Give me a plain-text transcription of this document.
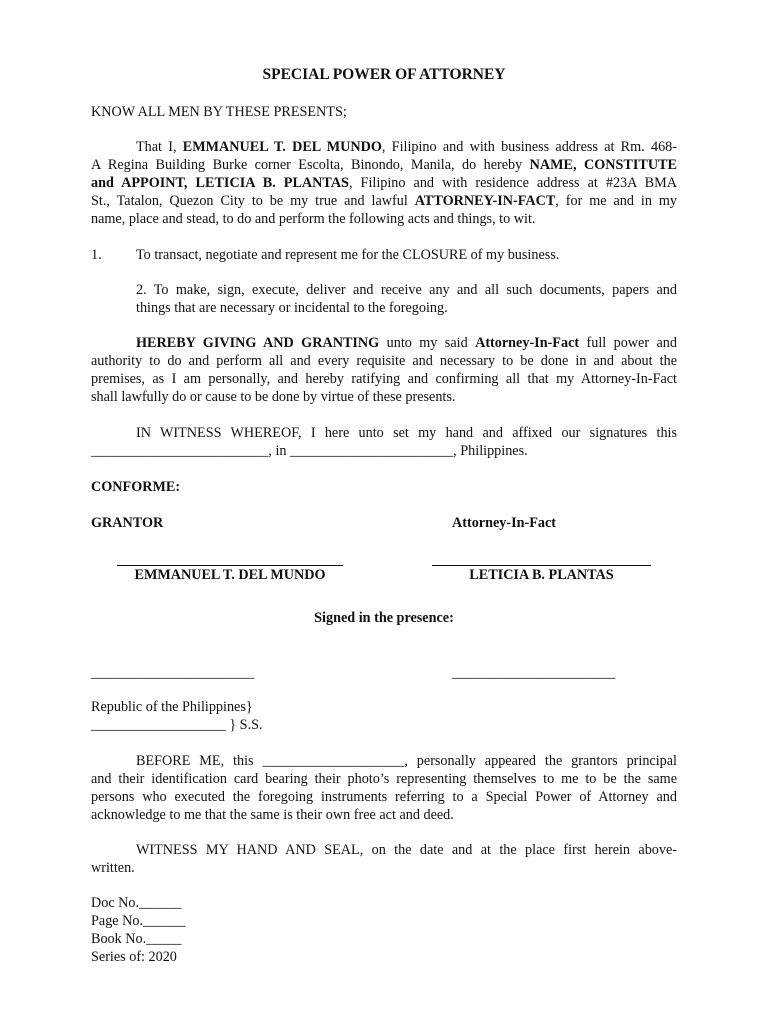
SPECIAL POWER OF ATTORNEY
KNOW ALL MEN BY THESE PRESENTS;
That I, EMMANUEL T. DEL MUNDO, Filipino and with business address at Rm. 468-
A Regina Building Burke corner Escolta, Binondo, Manila, do hereby NAME, CONSTITUTE
and APPOINT, LETICIA B. PLANTAS, Filipino and with residence address at #23A BMA
St., Tatalon, Quezon City to be my true and lawful ATTORNEY-IN-FACT, for me and in my
name, place and stead, to do and perform the following acts and things, to wit.
1. To transact, negotiate and represent me for the CLOSURE of my business.
2. To make, sign, execute, deliver and receive any and all such documents, papers and
things that are necessary or incidental to the foregoing.
HEREBY GIVING AND GRANTING unto my said Attorney-In-Fact full power and
authority to do and perform all and every requisite and necessary to be done in and about the
premises, as I am personally, and hereby ratifying and confirming all that my Attorney-In-Fact
shall lawfully do or cause to be done by virtue of these presents.
IN WITNESS WHEREOF, I here unto set my hand and affixed our signatures this
_________________________, in _______________________, Philippines.
CONFORME:
GRANTOR	Attorney-In-Fact
EMMANUEL T. DEL MUNDO	LETICIA B. PLANTAS
Signed in the presence:
_______________________	_______________________
Republic of the Philippines}
___________________ } S.S.
BEFORE ME, this ____________________, personally appeared the grantors principal
and their identification card bearing their photo’s representing themselves to me to be the same
persons who executed the foregoing instruments referring to a Special Power of Attorney and
acknowledge to me that the same is their own free act and deed.
WITNESS MY HAND AND SEAL, on the date and at the place first herein above-
written.
Doc No.______
Page No.______
Book No._____
Series of: 2020
